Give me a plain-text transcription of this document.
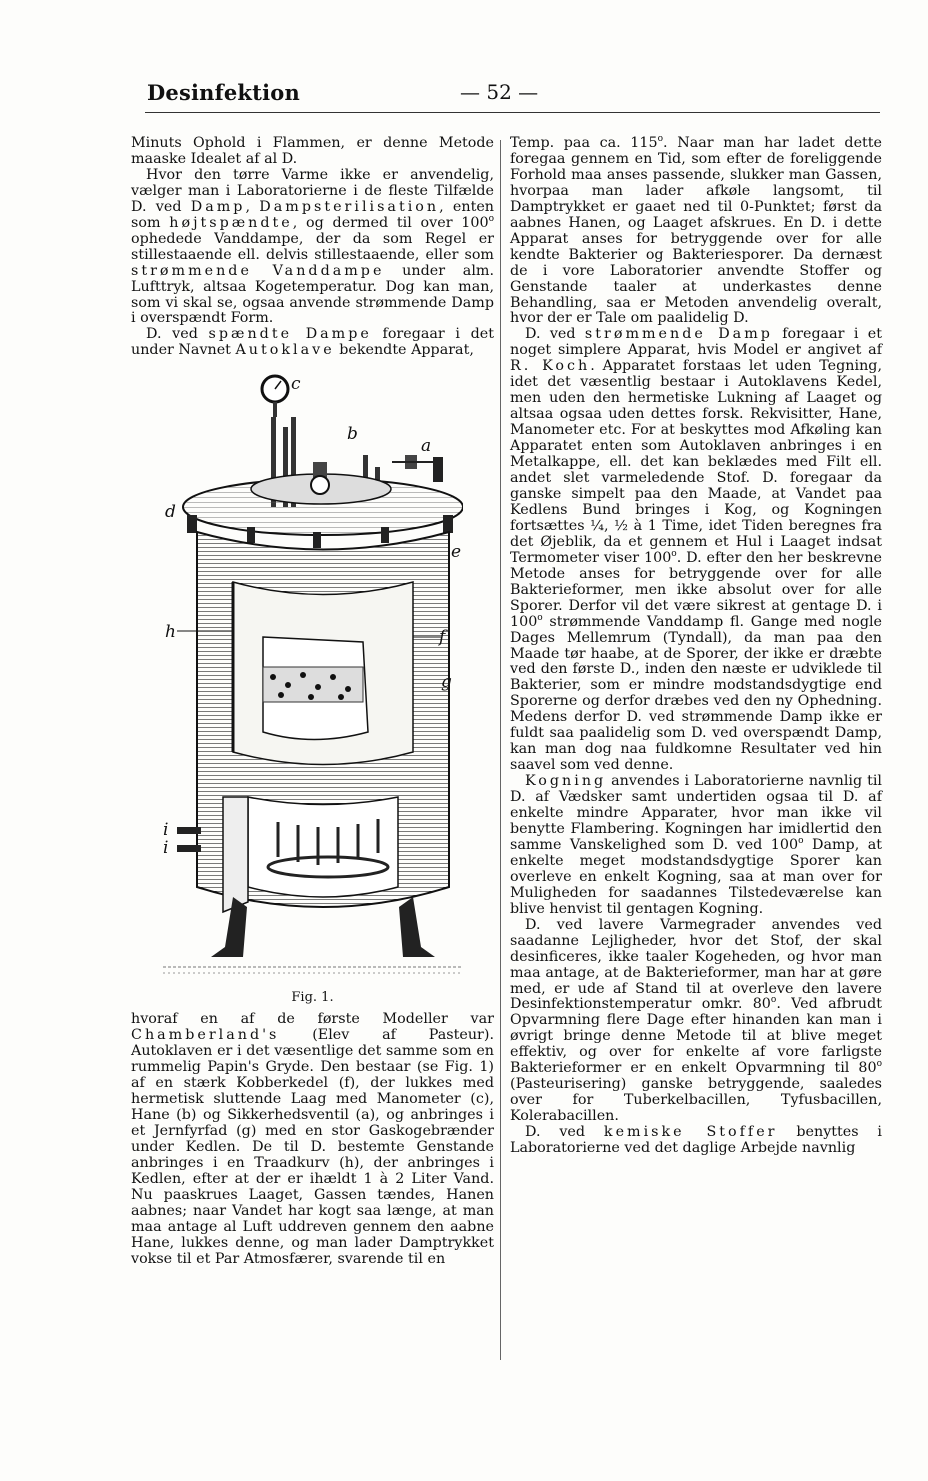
Desinfektion	— 52 —

Minuts Ophold i Flammen, er denne Metode maaske Idealet af al D.

Hvor den tørre Varme ikke er anvendelig, vælger man i Laboratorierne i de fleste Tilfælde D. ved Damp, Dampsterilisation, enten som højtspændte, og dermed til over 100$^o$ ophedede Vanddampe, der da som Regel er stillestaaende ell. delvis stillestaaende, eller som strømmende Vanddampe under alm. Lufttryk, altsaa Kogetemperatur. Dog kan man, som vi skal se, ogsaa anvende strømmende Damp i overspændt Form.

D. ved spændte Dampe foregaar i det under Navnet Autoklave bekendte Apparat,

c
b
a
d
e
f
g
h
i
i
Fig. 1.

hvoraf en af de første Modeller var Chamberland's (Elev af Pasteur). Autoklaven er i det væsentlige det samme som en rummelig Papin's Gryde. Den bestaar (se Fig. 1) af en stærk Kobberkedel (f), der lukkes med hermetisk sluttende Laag med Manometer (c), Hane (b) og Sikkerhedsventil (a), og anbringes i et Jernfyrfad (g) med en stor Gaskogebrænder under Kedlen. De til D. bestemte Genstande anbringes i en Traadkurv (h), der anbringes i Kedlen, efter at der er ihældt 1 à 2 Liter Vand. Nu paaskrues Laaget, Gassen tændes, Hanen aabnes; naar Vandet har kogt saa længe, at man maa antage al Luft uddreven gennem den aabne Hane, lukkes denne, og man lader Damptrykket vokse til et Par Atmosfærer, svarende til en

Temp. paa ca. 115$^o$. Naar man har ladet dette foregaa gennem en Tid, som efter de foreliggende Forhold maa anses passende, slukker man Gassen, hvorpaa man lader afkøle langsomt, til Damptrykket er gaaet ned til 0-Punktet; først da aabnes Hanen, og Laaget afskrues. En D. i dette Apparat anses for betryggende over for alle kendte Bakterier og Bakteriesporer. Da dernæst de i vore Laboratorier anvendte Stoffer og Genstande taaler at underkastes denne Behandling, saa er Metoden anvendelig overalt, hvor der er Tale om paalidelig D.

D. ved strømmende Damp foregaar i et noget simplere Apparat, hvis Model er angivet af R. Koch. Apparatet forstaas let uden Tegning, idet det væsentlig bestaar i Autoklavens Kedel, men uden den hermetiske Lukning af Laaget og altsaa ogsaa uden dettes forsk. Rekvisitter, Hane, Manometer etc. For at beskyttes mod Afkøling kan Apparatet enten som Autoklaven anbringes i en Metalkappe, ell. det kan beklædes med Filt ell. andet slet varmeledende Stof. D. foregaar da ganske simpelt paa den Maade, at Vandet paa Kedlens Bund bringes i Kog, og Kogningen fortsættes ¼, ½ à 1 Time, idet Tiden beregnes fra det Øjeblik, da et gennem et Hul i Laaget indsat Termometer viser 100$^o$. D. efter den her beskrevne Metode anses for betryggende over for alle Bakterieformer, men ikke absolut over for alle Sporer. Derfor vil det være sikrest at gentage D. i 100$^o$ strømmende Vanddamp fl. Gange med nogle Dages Mellemrum (Tyndall), da man paa den Maade tør haabe, at de Sporer, der ikke er dræbte ved den første D., inden den næste er udviklede til Bakterier, som er mindre modstandsdygtige end Sporerne og derfor dræbes ved den ny Ophedning. Medens derfor D. ved strømmende Damp ikke er fuldt saa paalidelig som D. ved overspændt Damp, kan man dog naa fuldkomne Resultater ved hin saavel som ved denne.

Kogning anvendes i Laboratorierne navnlig til D. af Vædsker samt undertiden ogsaa til D. af enkelte mindre Apparater, hvor man ikke vil benytte Flambering. Kogningen har imidlertid den samme Vanskelighed som D. ved 100$^o$ Damp, at enkelte meget modstandsdygtige Sporer kan overleve en enkelt Kogning, saa at man over for Muligheden for saadannes Tilstedeværelse kan blive henvist til gentagen Kogning.

D. ved lavere Varmegrader anvendes ved saadanne Lejligheder, hvor det Stof, der skal desinficeres, ikke taaler Kogeheden, og hvor man maa antage, at de Bakterieformer, man har at gøre med, er ude af Stand til at overleve den lavere Desinfektionstemperatur omkr. 80$^o$. Ved afbrudt Opvarmning flere Dage efter hinanden kan man i øvrigt bringe denne Metode til at blive meget effektiv, og over for enkelte af vore farligste Bakterieformer er en enkelt Opvarmning til 80$^o$ (Pasteurisering) ganske betryggende, saaledes over for Tuberkelbacillen, Tyfusbacillen, Kolerabacillen.

D. ved kemiske Stoffer benyttes i Laboratorierne ved det daglige Arbejde navnlig
